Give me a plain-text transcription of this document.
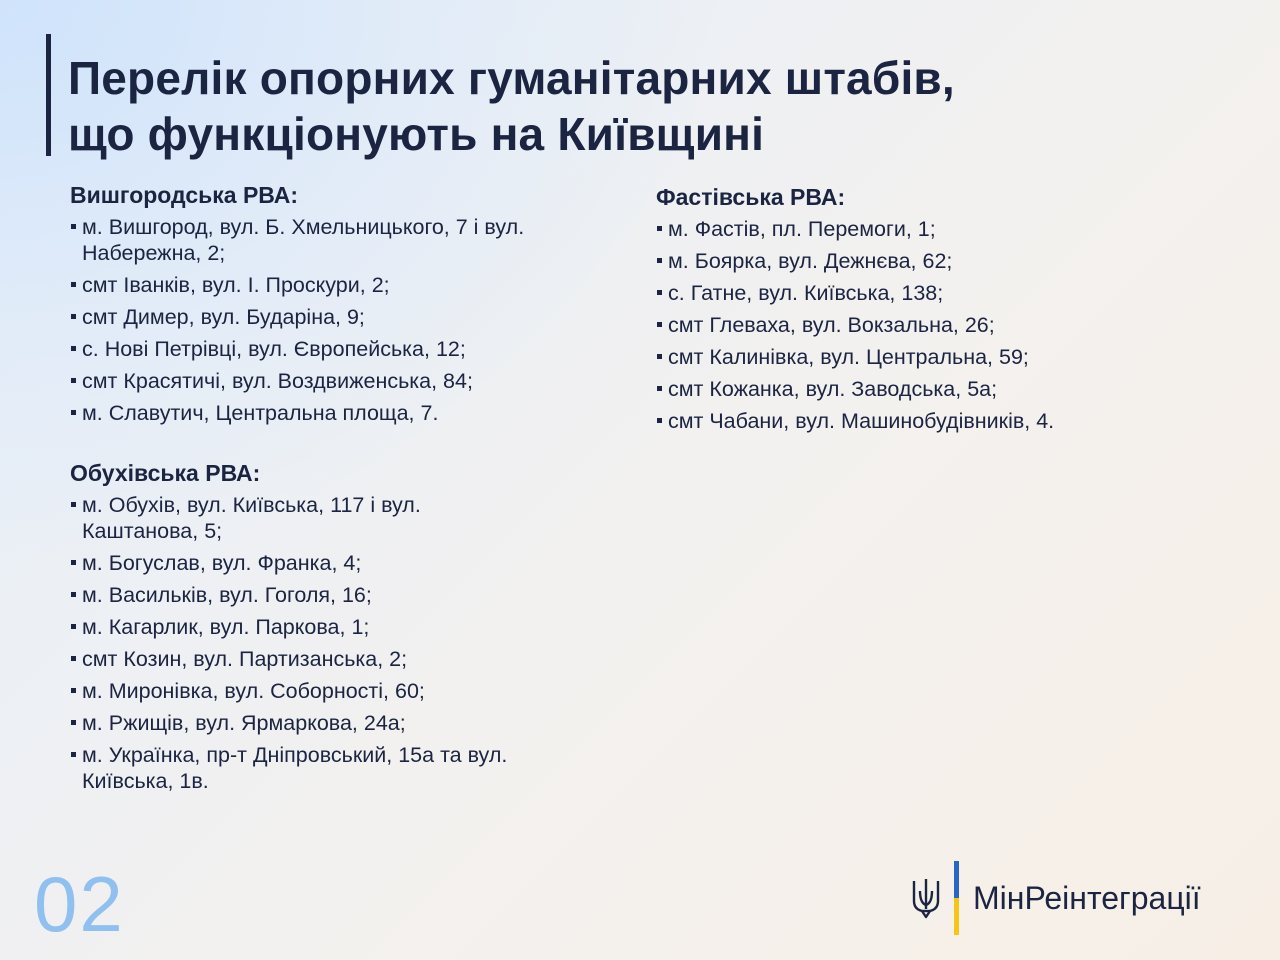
Перелік опорних гуманітарних штабів,
що функціонують на Київщині
Вишгородська РВА:
м. Вишгород, вул. Б. Хмельницького, 7 і вул. Набережна, 2;
смт Іванків, вул. І. Проскури, 2;
смт Димер, вул. Бударіна, 9;
с. Нові Петрівці, вул. Європейська, 12;
смт Красятичі, вул. Воздвиженська, 84;
м. Славутич, Центральна площа, 7.
Обухівська РВА:
м. Обухів, вул. Київська, 117 і вул. Каштанова, 5;
м. Богуслав, вул. Франка, 4;
м. Васильків, вул. Гоголя, 16;
м. Кагарлик, вул. Паркова, 1;
смт Козин, вул. Партизанська, 2;
м. Миронівка, вул. Соборності, 60;
м. Ржищів, вул. Ярмаркова, 24а;
м. Українка, пр-т Дніпровський, 15а та вул. Київська, 1в.
Фастівська РВА:
м. Фастів, пл. Перемоги, 1;
м. Боярка, вул. Дежнєва, 62;
с. Гатне, вул. Київська, 138;
смт Глеваха, вул. Вокзальна, 26;
смт Калинівка, вул. Центральна, 59;
смт Кожанка, вул. Заводська, 5а;
смт Чабани, вул. Машинобудівників, 4.
02	МінРеінтеграції
